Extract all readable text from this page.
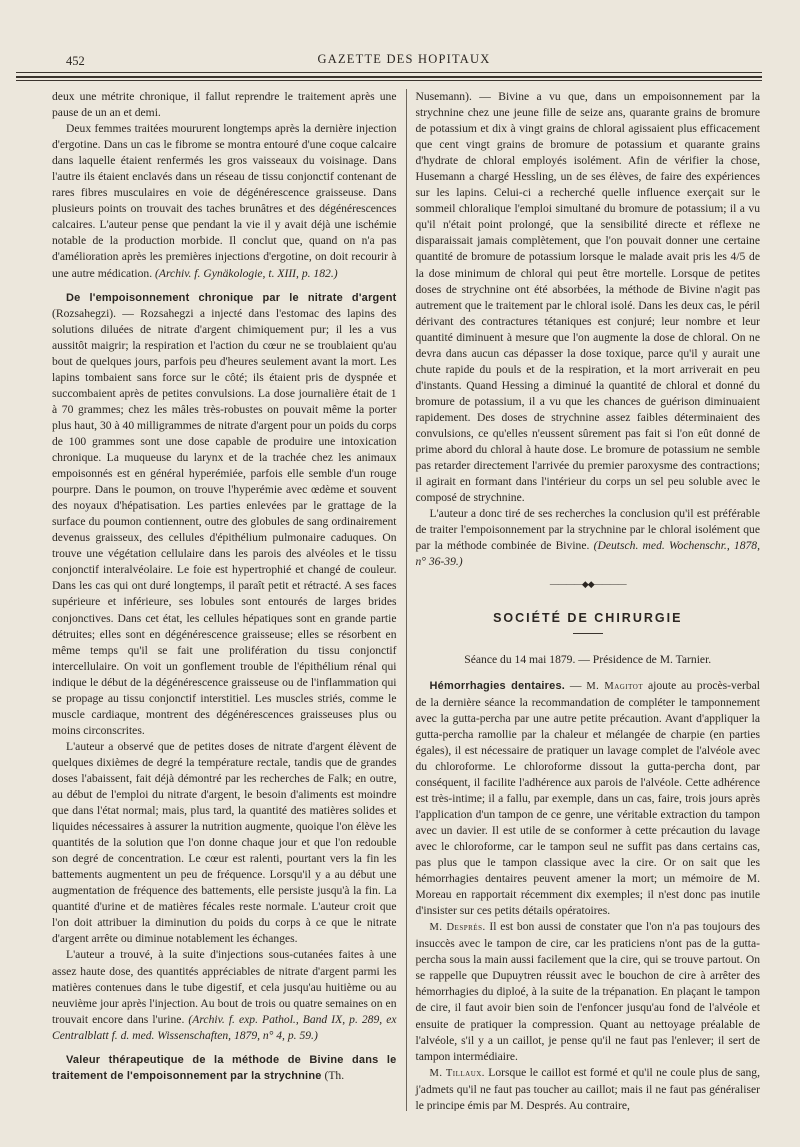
452	GAZETTE DES HOPITAUX

deux une métrite chronique, il fallut reprendre le traitement après une pause de un an et demi.

Deux femmes traitées moururent longtemps après la dernière injection d'ergotine. Dans un cas le fibrome se montra entouré d'une coque calcaire dans laquelle étaient renfermés les gros vaisseaux du voisinage. Dans l'autre ils étaient enclavés dans un réseau de tissu conjonctif contenant de rares fibres musculaires en voie de dégénérescence graisseuse. Dans plusieurs points on trouvait des taches brunâtres et des dégénérescences calcaires. L'auteur pense que pendant la vie il y avait déjà une ischémie notable de la production morbide. Il conclut que, quand on n'a pas d'amélioration après les premières injections d'ergotine, on doit recourir à une autre médication. (Archiv. f. Gynäkologie, t. XIII, p. 182.)

De l'empoisonnement chronique par le nitrate d'argent (Rozsahegzi). — Rozsahegzi a injecté dans l'estomac des lapins des solutions diluées de nitrate d'argent chimiquement pur; il les a vus aussitôt maigrir; la respiration et l'action du cœur ne se troublaient qu'au bout de quelques jours, parfois peu d'heures seulement avant la mort. Les lapins tombaient sans force sur le côté; ils étaient pris de dyspnée et succombaient après de petites convulsions. La dose journalière était de 1 à 70 grammes; chez les mâles très-robustes on pouvait même la porter plus haut, 30 à 40 milligrammes de nitrate d'argent pour un poids du corps de 100 grammes sont une dose capable de produire une intoxication chronique. La muqueuse du larynx et de la trachée chez les animaux empoisonnés est en général hyperémiée, parfois elle semble d'un rouge pourpre. Dans le poumon, on trouve l'hyperémie avec œdème et souvent des noyaux d'hépatisation. Les parties enlevées par le grattage de la surface du poumon contiennent, outre des globules de sang ordinairement devenus graisseux, des cellules d'épithélium pulmonaire caduques. On trouve une végétation cellulaire dans les parois des alvéoles et le tissu conjonctif interalvéolaire. Le foie est hypertrophié et changé de couleur. Dans les cas qui ont duré longtemps, il paraît petit et rétracté. A ses faces supérieure et inférieure, ses lobules sont entourés de larges brides conjonctives. Dans cet état, les cellules hépatiques sont en grande partie détruites; elles sont en dégénérescence graisseuse; elles se résorbent en même temps qu'il se fait une prolifération du tissu conjonctif intercellulaire. On voit un gonflement trouble de l'épithélium rénal qui indique le début de la dégénérescence graisseuse ou de l'inflammation qui se propage au tissu conjonctif interstitiel. Les muscles striés, comme le muscle cardiaque, montrent des dégénérescences graisseuses plus ou moins circonscrites.

L'auteur a observé que de petites doses de nitrate d'argent élèvent de quelques dixièmes de degré la température rectale, tandis que de grandes doses l'abaissent, fait déjà démontré par les recherches de Falk; en outre, au début de l'emploi du nitrate d'argent, le besoin d'aliments est moindre que dans l'état normal; mais, plus tard, la quantité des matières solides et liquides nécessaires à assurer la nutrition augmente, quoique l'on élève les quantités de la solution que l'on donne chaque jour et que l'on redouble son degré de concentration. Le cœur est ralenti, pourtant vers la fin les battements augmentent un peu de fréquence. Lorsqu'il y a au début une augmentation de fréquence des battements, elle persiste jusqu'à la fin. La quantité d'urine et de matières fécales reste normale. L'auteur croit que l'on doit attribuer la diminution du poids du corps à ce que le nitrate d'argent arrête ou diminue notablement les échanges.

L'auteur a trouvé, à la suite d'injections sous-cutanées faites à une assez haute dose, des quantités appréciables de nitrate d'argent parmi les matières contenues dans le tube digestif, et cela jusqu'au huitième ou au neuvième jour après l'injection. Au bout de trois ou quatre semaines on en trouvait encore dans l'urine. (Archiv. f. exp. Pathol., Band IX, p. 289, ex Centralblatt f. d. med. Wissenschaften, 1879, n° 4, p. 59.)

Valeur thérapeutique de la méthode de Bivine dans le traitement de l'empoisonnement par la strychnine (Th.

Nusemann). — Bivine a vu que, dans un empoisonnement par la strychnine chez une jeune fille de seize ans, quarante grains de bromure de potassium et dix à vingt grains de chloral agissaient plus efficacement que cent vingt grains de bromure de potassium et quarante grains d'hydrate de chloral employés isolément. Afin de vérifier la chose, Husemann a chargé Hessling, un de ses élèves, de faire des expériences sur les lapins. Celui-ci a recherché quelle influence exerçait sur le sommeil chloralique l'emploi simultané du bromure de potassium; il a vu qu'il n'était point prolongé, que la sensibilité directe et réflexe ne disparaissait jamais complètement, que l'on pouvait donner une certaine quantité de bromure de potassium lorsque le malade avait pris les 4/5 de la dose minimum de chloral qui peut être mortelle. Lorsque de petites doses de strychnine ont été absorbées, la méthode de Bivine n'agit pas autrement que le traitement par le chloral isolé. Dans les deux cas, le péril dérivant des contractures tétaniques est conjuré; leur nombre et leur quantité diminuent à mesure que l'on augmente la dose de chloral. On ne devra dans aucun cas dépasser la dose toxique, parce qu'il y aurait une chute rapide du pouls et de la respiration, et la mort arriverait en peu d'instants. Quand Hessing a diminué la quantité de chloral et donné du bromure de potassium, il a vu que les chances de guérison diminuaient rapidement. Des doses de strychnine assez faibles déterminaient des convulsions, ce qu'elles n'eussent sûrement pas fait si l'on eût donné de prime abord du chloral à haute dose. Le bromure de potassium ne semble pas retarder directement l'arrivée du premier paroxysme des contractions; il agirait en formant dans l'intérieur du corps un sel peu soluble avec le composé de strychnine.

L'auteur a donc tiré de ses recherches la conclusion qu'il est préférable de traiter l'empoisonnement par la strychnine par le chloral isolément que par la méthode combinée de Bivine. (Deutsch. med. Wochenschr., 1878, n° 36-39.)

————◆◆————
SOCIÉTÉ DE CHIRURGIE

Séance du 14 mai 1879. — Présidence de M. Tarnier.

Hémorrhagies dentaires. — M. Magitot ajoute au procès-verbal de la dernière séance la recommandation de compléter le tamponnement avec la gutta-percha par une autre petite précaution. Avant d'appliquer la gutta-percha ramollie par la chaleur et mélangée de charpie (en parties égales), il est nécessaire de pratiquer un lavage complet de l'alvéole avec du chloroforme. Le chloroforme dissout la gutta-percha dont, par conséquent, il facilite l'adhérence aux parois de l'alvéole. Cette adhérence est très-intime; il a fallu, par exemple, dans un cas, faire, trois jours après l'application d'un tampon de ce genre, une véritable extraction du tampon avec un davier. Il est utile de se conformer à cette précaution du lavage avec le chloroforme, car le tampon seul ne suffit pas dans certains cas, pas plus que le tampon classique avec la cire. Or on sait que les hémorrhagies dentaires peuvent amener la mort; un mémoire de M. Moreau en rapportait récemment dix exemples; il n'est donc pas inutile d'insister sur ces petits détails opératoires.

M. Després. Il est bon aussi de constater que l'on n'a pas toujours des insuccès avec le tampon de cire, car les praticiens n'ont pas de la gutta-percha sous la main aussi facilement que la cire, qui se trouve partout. On se rappelle que Dupuytren réussit avec le bouchon de cire à arrêter des hémorrhagies du diploé, à la suite de la trépanation. En plaçant le tampon de cire, il faut avoir bien soin de l'enfoncer jusqu'au fond de l'alvéole et ensuite de pratiquer la compression. Quant au nettoyage préalable de l'alvéole, s'il y a un caillot, je pense qu'il ne faut pas l'enlever; il sert de tampon intermédiaire.

M. Tillaux. Lorsque le caillot est formé et qu'il ne coule plus de sang, j'admets qu'il ne faut pas toucher au caillot; mais il ne faut pas généraliser le principe émis par M. Després. Au contraire,
